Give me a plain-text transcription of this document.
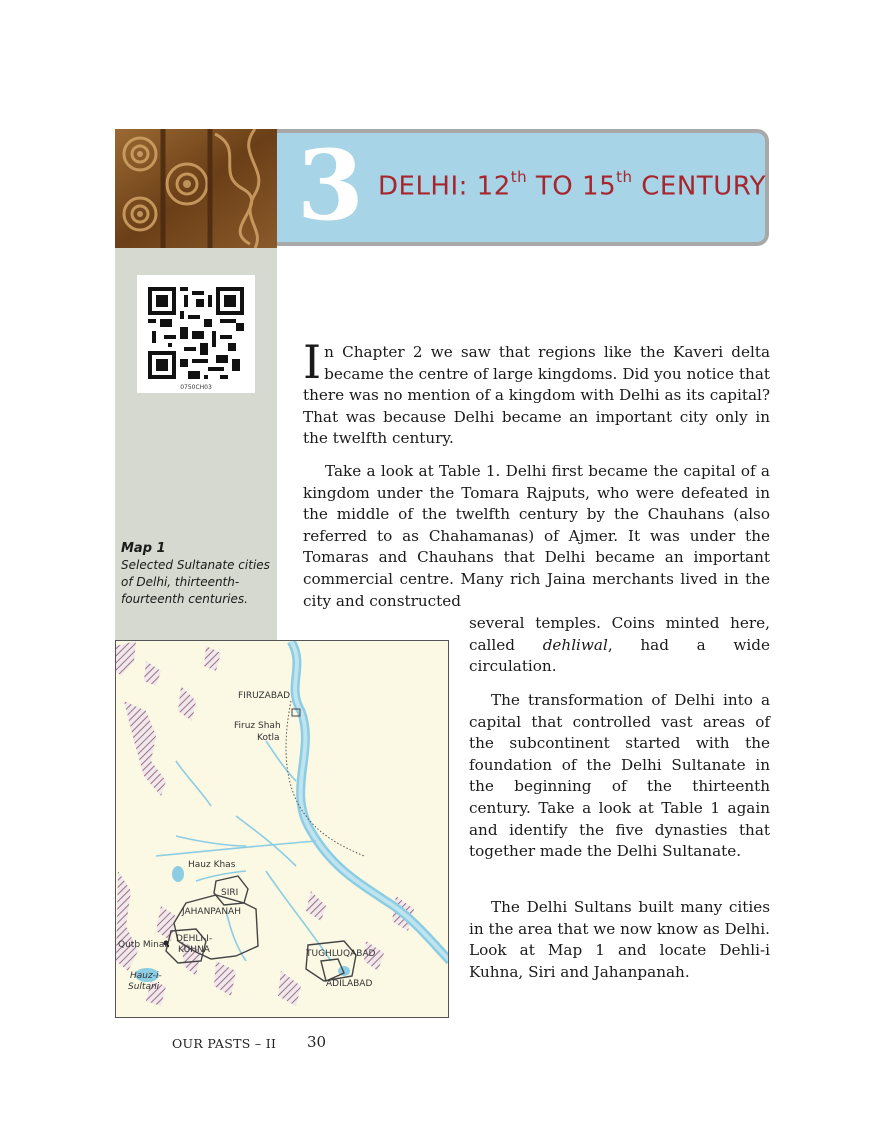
3 DELHI: 12th TO 15th CENTURY
0750CH03
Map 1
Selected Sultanate cities of Delhi, thirteenth-fourteenth centuries.
FIRUZABAD
Firuz Shah
Kotla
Hauz Khas
SIRI
JAHANPANAH
DEHLI-I-
KUHNA
Qutb Minar
Hauz-i-
Sultani
TUGHLUQABAD
ADILABAD

In Chapter 2 we saw that regions like the Kaveri delta became the centre of large kingdoms. Did you notice that there was no mention of a kingdom with Delhi as its capital? That was because Delhi became an important city only in the twelfth century.

Take a look at Table 1. Delhi first became the capital of a kingdom under the Tomara Rajputs, who were defeated in the middle of the twelfth century by the Chauhans (also referred to as Chahamanas) of Ajmer. It was under the Tomaras and Chauhans that Delhi became an important commercial centre. Many rich Jaina merchants lived in the city and constructed

several temples. Coins minted here, called dehliwal, had a wide circulation.

The transformation of Delhi into a capital that controlled vast areas of the subcontinent started with the foundation of the Delhi Sultanate in the beginning of the thirteenth century. Take a look at Table 1 again and identify the five dynasties that together made the Delhi Sultanate.

The Delhi Sultans built many cities in the area that we now know as Delhi. Look at Map 1 and locate Dehli-i Kuhna, Siri and Jahanpanah.

OUR PASTS – II 30
